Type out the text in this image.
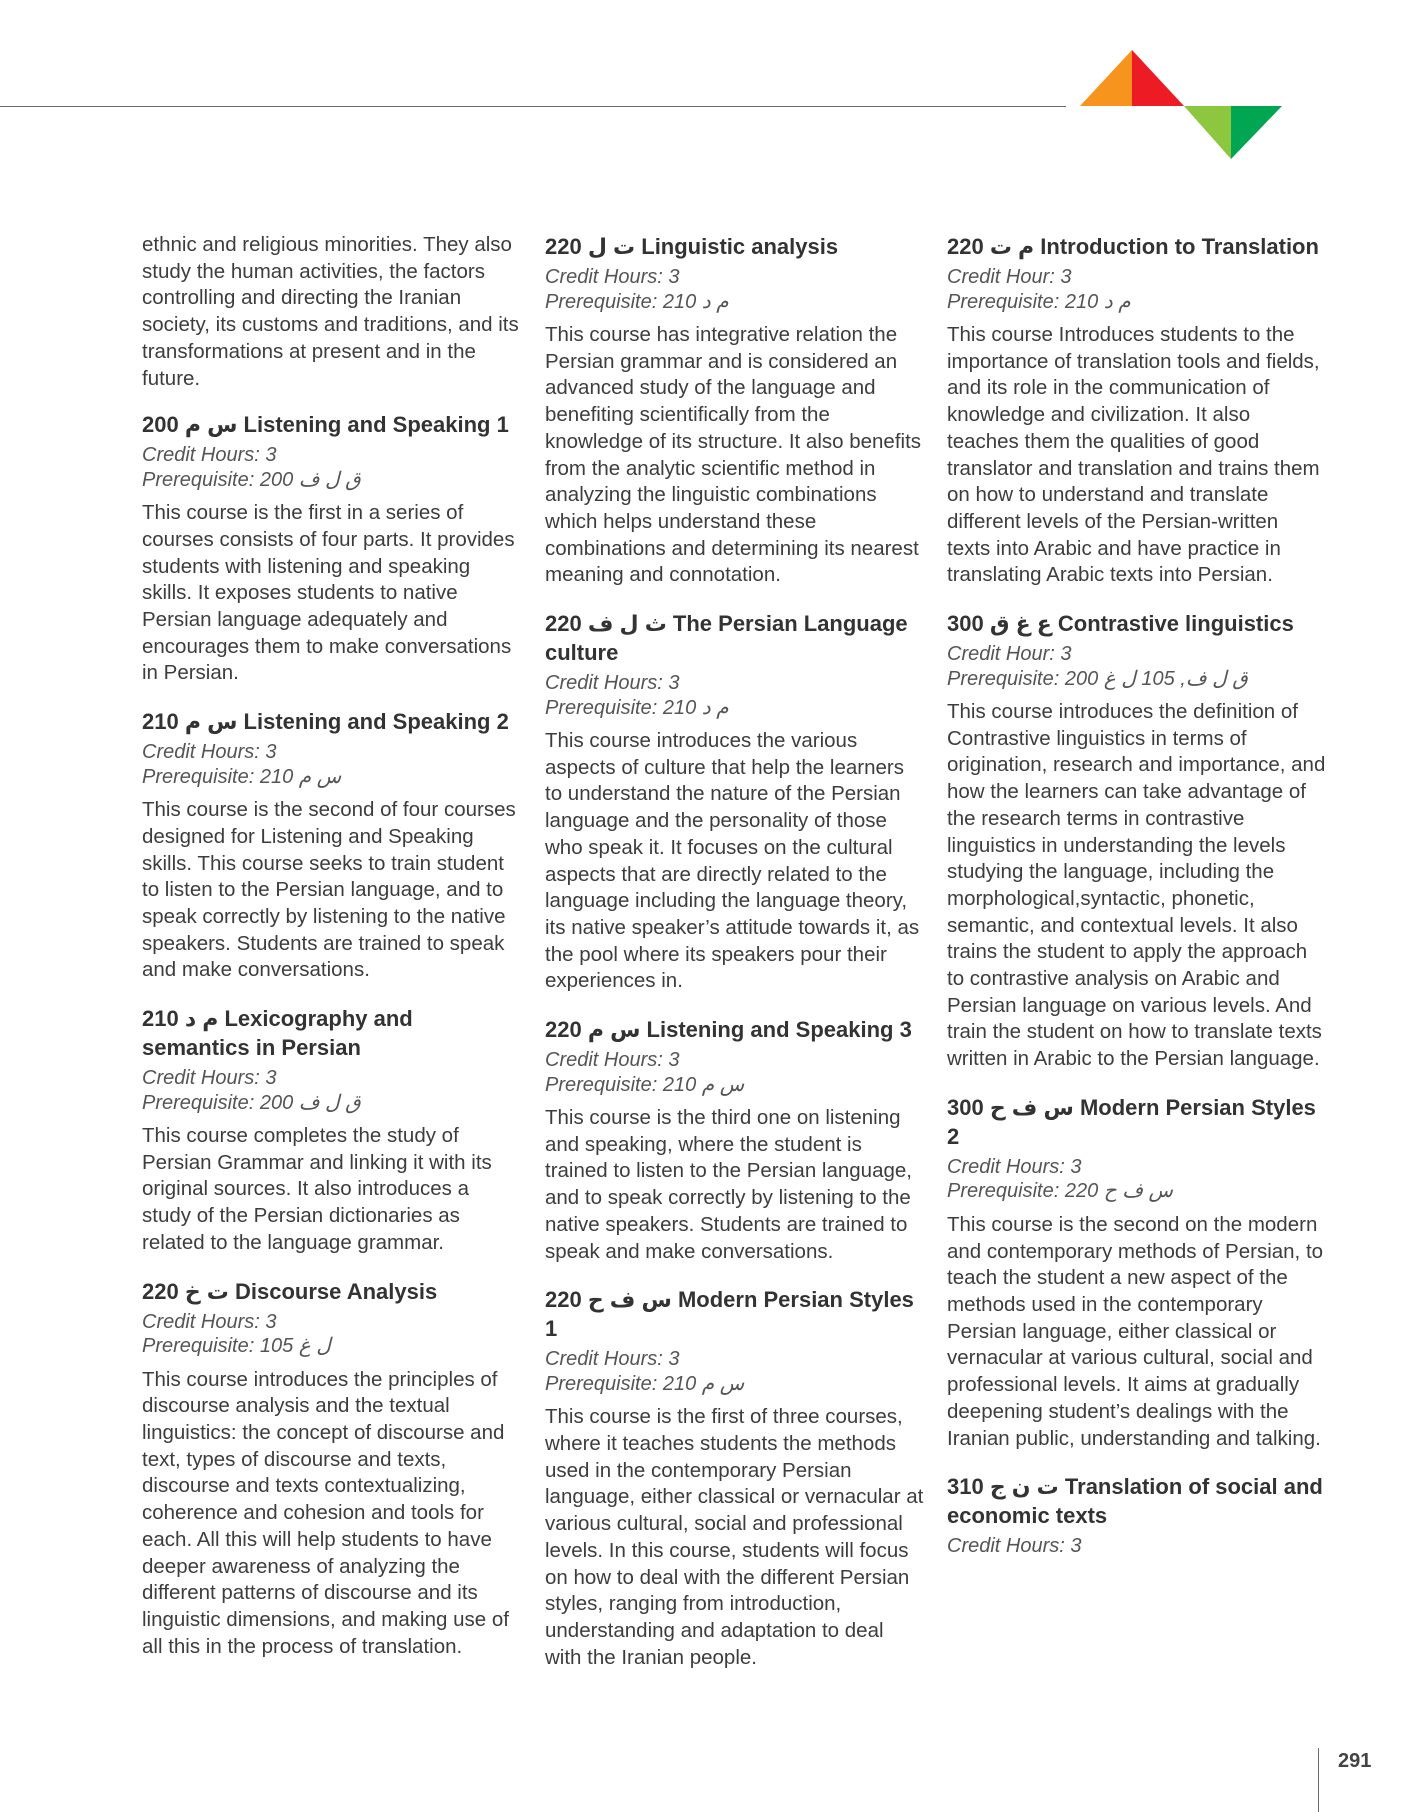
ethnic and religious minorities. They also study the human activities, the factors controlling and directing the Iranian society, its customs and traditions, and its transformations at present and in the future.

200 س م Listening and Speaking 1
Credit Hours: 3
Prerequisite: 200 ق ل ف

This course is the first in a series of courses consists of four parts. It provides students with listening and speaking skills. It exposes students to native Persian language adequately and encourages them to make conversations in Persian.

210 س م Listening and Speaking 2
Credit Hours: 3
Prerequisite: 210 س م

This course is the second of four courses designed for Listening and Speaking skills. This course seeks to train student to listen to the Persian language, and to speak correctly by listening to the native speakers. Students are trained to speak and make conversations.

210 م د Lexicography and semantics in Persian
Credit Hours: 3
Prerequisite: 200 ق ل ف

This course completes the study of Persian Grammar and linking it with its original sources. It also introduces a study of the Persian dictionaries as related to the language grammar.

220 ت خ Discourse Analysis
Credit Hours: 3
Prerequisite: 105 ل غ

This course introduces the principles of discourse analysis and the textual linguistics: the concept of discourse and text, types of discourse and texts, discourse and texts contextualizing, coherence and cohesion and tools for each. All this will help students to have deeper awareness of analyzing the different patterns of discourse and its linguistic dimensions, and making use of all this in the process of translation.

220 ت ل Linguistic analysis
Credit Hours: 3
Prerequisite: 210 م د

This course has integrative relation the Persian grammar and is considered an advanced study of the language and benefiting scientifically from the knowledge of its structure. It also benefits from the analytic scientific method in analyzing the linguistic combinations which helps understand these combinations and determining its nearest meaning and connotation.

220 ث ل ف The Persian Language culture
Credit Hours: 3
Prerequisite: 210 م د

This course introduces the various aspects of culture that help the learners to understand the nature of the Persian language and the personality of those who speak it. It focuses on the cultural aspects that are directly related to the language including the language theory, its native speaker’s attitude towards it, as the pool where its speakers pour their experiences in.

220 س م Listening and Speaking 3
Credit Hours: 3
Prerequisite: 210 س م

This course is the third one on listening and speaking, where the student is trained to listen to the Persian language, and to speak correctly by listening to the native speakers. Students are trained to speak and make conversations.

220 س ف ح Modern Persian Styles 1
Credit Hours: 3
Prerequisite: 210 س م

This course is the first of three courses, where it teaches students the methods used in the contemporary Persian language, either classical or vernacular at various cultural, social and professional levels. In this course, students will focus on how to deal with the different Persian styles, ranging from introduction, understanding and adaptation to deal with the Iranian people.

220 م ت Introduction to Translation
Credit Hour: 3
Prerequisite: 210 م د

This course Introduces students to the importance of translation tools and fields, and its role in the communication of knowledge and civilization. It also teaches them the qualities of good translator and translation and trains them on how to understand and translate different levels of the Persian-written texts into Arabic and have practice in translating Arabic texts into Persian.

300 ع غ ق Contrastive linguistics
Credit Hour: 3
Prerequisite: 200 ق ل ف, 105 ل غ

This course introduces the definition of Contrastive linguistics in terms of origination, research and importance, and how the learners can take advantage of the research terms in contrastive linguistics in understanding the levels studying the language, including the morphological,syntactic, phonetic, semantic, and contextual levels. It also trains the student to apply the approach to contrastive analysis on Arabic and Persian language on various levels. And train the student on how to translate texts written in Arabic to the Persian language.

300 س ف ح Modern Persian Styles 2
Credit Hours: 3
Prerequisite: 220 س ف ح

This course is the second on the modern and contemporary methods of Persian, to teach the student a new aspect of the methods used in the contemporary Persian language, either classical or vernacular at various cultural, social and professional levels. It aims at gradually deepening student’s dealings with the Iranian public, understanding and talking.

310 ت ن ج Translation of social and economic texts
Credit Hours: 3
291
